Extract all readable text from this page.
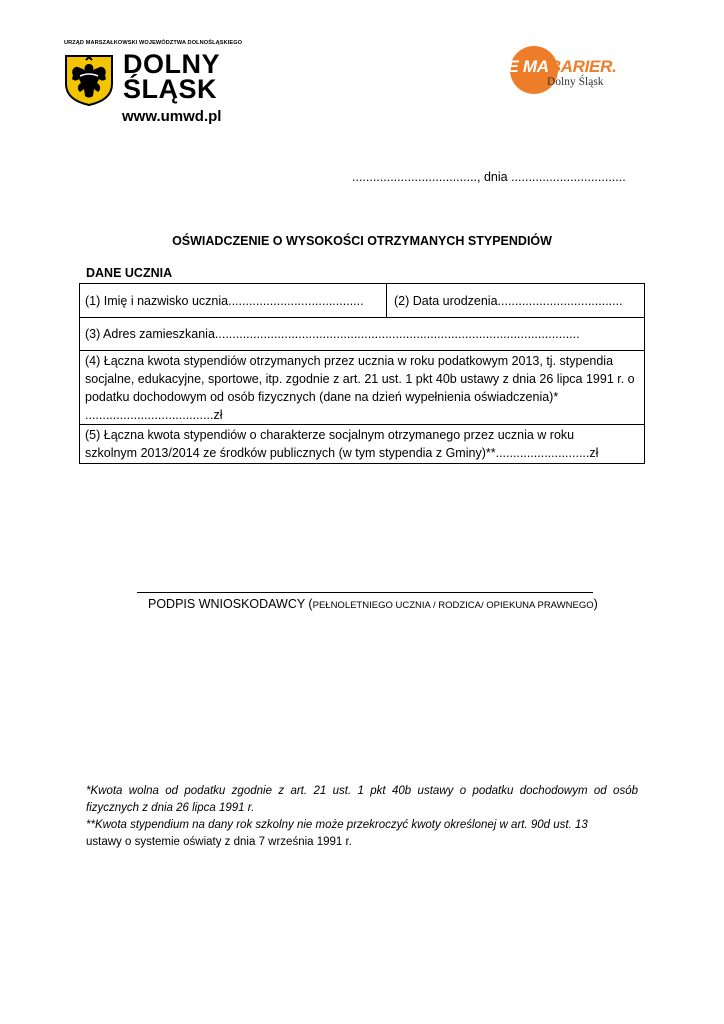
URZĄD MARSZAŁKOWSKI WOJEWÓDZTWA DOLNOŚLĄSKIEGO
DOLNY
ŚLĄSK
www.umwd.pl
NIE MABARIER.
Dolny Śląsk
...................................., dnia .................................
OŚWIADCZENIE O WYSOKOŚCI OTRZYMANYCH STYPENDIÓW
DANE UCZNIA
(1) Imię i nazwisko ucznia.......................................	(2) Data urodzenia....................................
(3) Adres zamieszkania.........................................................................................................
(4) Łączna kwota stypendiów otrzymanych przez ucznia w roku podatkowym 2013, tj. stypendia socjalne, edukacyjne, sportowe, itp. zgodnie z art. 21 ust. 1 pkt 40b ustawy z dnia 26 lipca 1991 r. o podatku dochodowym od osób fizycznych (dane na dzień wypełnienia oświadczenia)* .....................................zł
(5) Łączna kwota stypendiów o charakterze socjalnym otrzymanego przez ucznia w roku
szkolnym 2013/2014 ze środków publicznych (w tym stypendia z Gminy)**...........................zł
PODPIS WNIOSKODAWCY (PEŁNOLETNIEGO UCZNIA / RODZICA/ OPIEKUNA PRAWNEGO)

*Kwota wolna od podatku zgodnie z art. 21 ust. 1 pkt 40b ustawy o podatku dochodowym od osób fizycznych z dnia 26 lipca 1991 r.

**Kwota stypendium na dany rok szkolny nie może przekroczyć kwoty określonej w art. 90d ust. 13

ustawy o systemie oświaty z dnia 7 września 1991 r.
